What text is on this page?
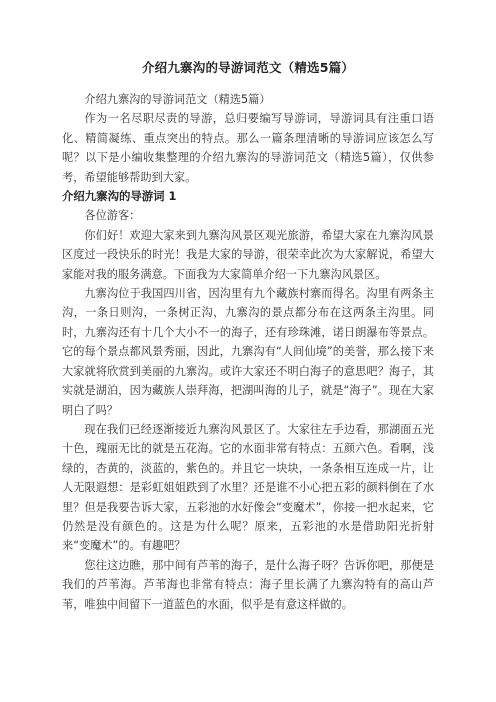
介绍九寨沟的导游词范文（精选5篇）

介绍九寨沟的导游词范文（精选5篇）

作为一名尽职尽责的导游，总归要编写导游词，导游词具有注重口语化、精简凝练、重点突出的特点。那么一篇条理清晰的导游词应该怎么写呢？以下是小编收集整理的介绍九寨沟的导游词范文（精选5篇），仅供参考，希望能够帮助到大家。

介绍九寨沟的导游词 1

各位游客：

你们好！欢迎大家来到九寨沟风景区观光旅游，希望大家在九寨沟风景区度过一段快乐的时光！我是大家的导游，很荣幸此次为大家解说，希望大家能对我的服务满意。下面我为大家简单介绍一下九寨沟风景区。

九寨沟位于我国四川省，因沟里有九个藏族村寨而得名。沟里有两条主沟，一条日则沟，一条树正沟，九寨沟的景点都分布在这两条主沟里。同时，九寨沟还有十几个大小不一的海子，还有珍珠滩，诺日朗瀑布等景点。它的每个景点都风景秀丽，因此，九寨沟有“人间仙境”的美誉，那么接下来大家就将欣赏到美丽的九寨沟。或许大家还不明白海子的意思吧？海子，其实就是湖泊，因为藏族人崇拜海，把湖叫海的儿子，就是“海子”。现在大家明白了吗？

现在我们已经逐渐接近九寨沟风景区了。大家往左手边看，那湖面五光十色，瑰丽无比的就是五花海。它的水面非常有特点：五颜六色。看啊，浅绿的，杏黄的，淡蓝的，紫色的。并且它一块块，一条条相互连成一片，让人无限遐想：是彩虹姐姐跌到了水里？还是谁不小心把五彩的颜料倒在了水里？但是我要告诉大家，五彩池的水好像会“变魔术”，你接一把水起来，它仍然是没有颜色的。这是为什么呢？原来，五彩池的水是借助阳光折射来“变魔术”的。有趣吧？

您往这边瞧，那中间有芦苇的海子，是什么海子呀？告诉你吧，那便是我们的芦苇海。芦苇海也非常有特点：海子里长满了九寨沟特有的高山芦苇，唯独中间留下一道蓝色的水面，似乎是有意这样做的。
